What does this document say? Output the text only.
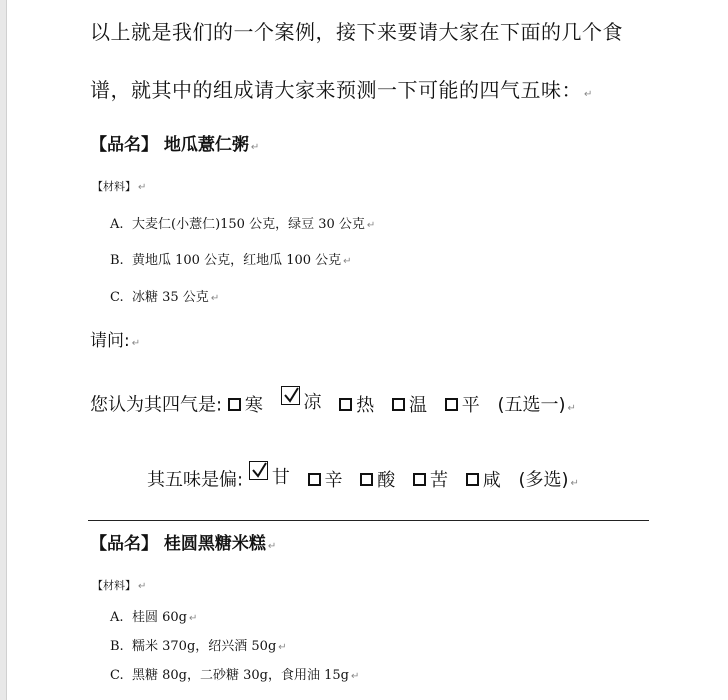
以上就是我们的一个案例，接下来要请大家在下面的几个食
谱，就其中的组成请大家来预测一下可能的四气五味： ↵
【品名】 地瓜薏仁粥 ↵
【材料】 ↵
A. 大麦仁(小薏仁)150 公克，绿豆 30 公克 ↵
B. 黄地瓜 100 公克，红地瓜 100 公克 ↵
C. 冰糖 35 公克 ↵
请问: ↵
您认为其四气是: 寒
凉
热
温
平 (五选一) ↵
其五味是偏: 甘
辛
酸
苦
咸 (多选) ↵
【品名】 桂圆黑糖米糕 ↵
【材料】 ↵
A. 桂圆 60g ↵
B. 糯米 370g，绍兴酒 50g ↵
C. 黑糖 80g，二砂糖 30g，食用油 15g ↵
